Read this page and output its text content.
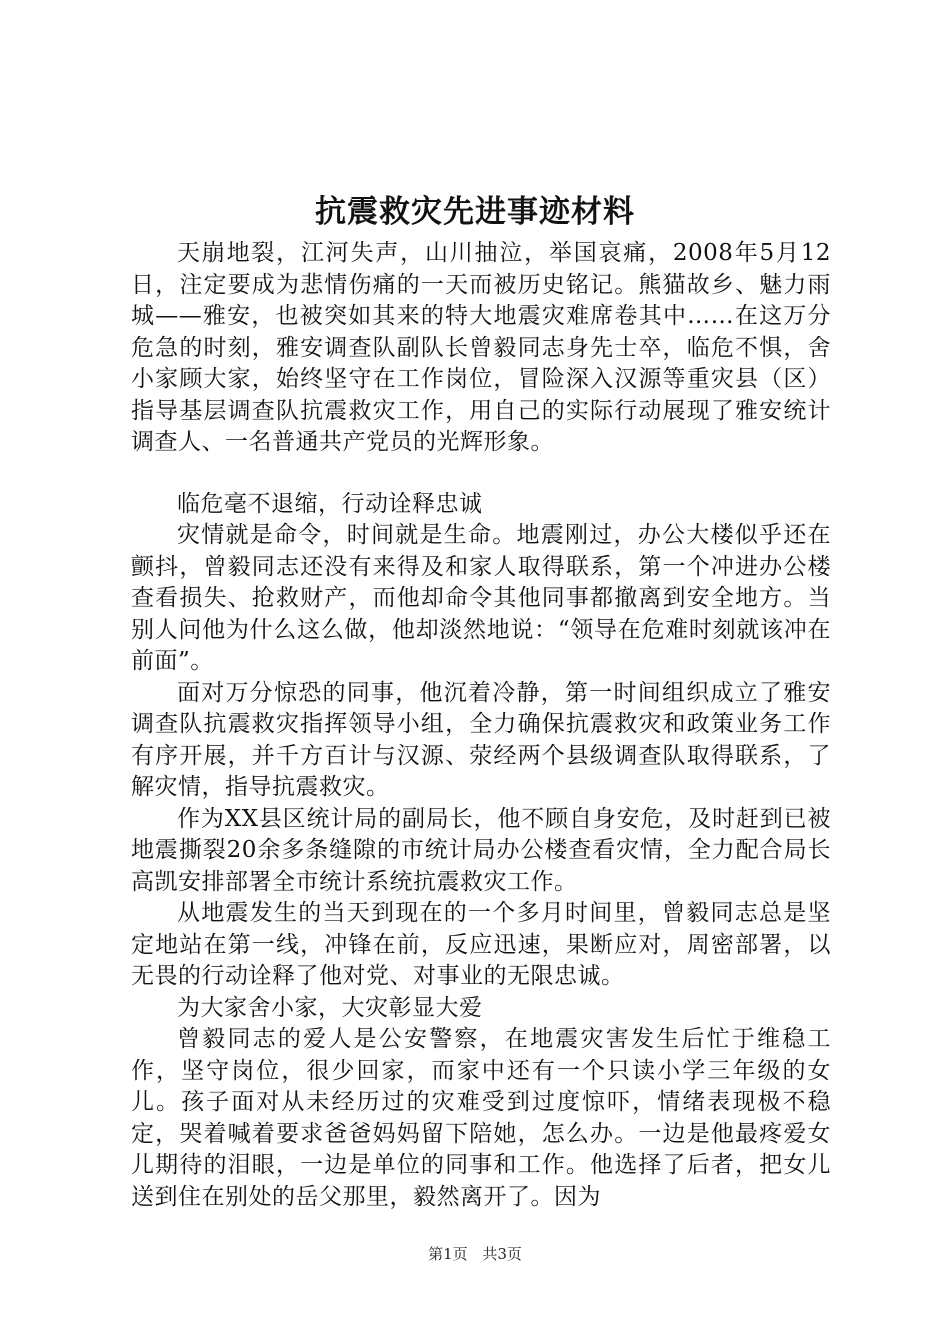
抗震救灾先进事迹材料

天崩地裂，江河失声，山川抽泣，举国哀痛，2008年5月12日，注定要成为悲情伤痛的一天而被历史铭记。熊猫故乡、魅力雨城——雅安，也被突如其来的特大地震灾难席卷其中……在这万分危急的时刻，雅安调查队副队长曾毅同志身先士卒，临危不惧，舍小家顾大家，始终坚守在工作岗位，冒险深入汉源等重灾县（区）指导基层调查队抗震救灾工作，用自己的实际行动展现了雅安统计调查人、一名普通共产党员的光辉形象。

临危毫不退缩，行动诠释忠诚

灾情就是命令，时间就是生命。地震刚过，办公大楼似乎还在颤抖，曾毅同志还没有来得及和家人取得联系，第一个冲进办公楼查看损失、抢救财产，而他却命令其他同事都撤离到安全地方。当别人问他为什么这么做，他却淡然地说：“领导在危难时刻就该冲在前面”。

面对万分惊恐的同事，他沉着冷静，第一时间组织成立了雅安调查队抗震救灾指挥领导小组，全力确保抗震救灾和政策业务工作有序开展，并千方百计与汉源、荥经两个县级调查队取得联系，了解灾情，指导抗震救灾。

作为XX县区统计局的副局长，他不顾自身安危，及时赶到已被地震撕裂20余多条缝隙的市统计局办公楼查看灾情，全力配合局长高凯安排部署全市统计系统抗震救灾工作。

从地震发生的当天到现在的一个多月时间里，曾毅同志总是坚定地站在第一线，冲锋在前，反应迅速，果断应对，周密部署，以无畏的行动诠释了他对党、对事业的无限忠诚。

为大家舍小家，大灾彰显大爱

曾毅同志的爱人是公安警察，在地震灾害发生后忙于维稳工作，坚守岗位，很少回家，而家中还有一个只读小学三年级的女儿。孩子面对从未经历过的灾难受到过度惊吓，情绪表现极不稳定，哭着喊着要求爸爸妈妈留下陪她，怎么办。一边是他最疼爱女儿期待的泪眼，一边是单位的同事和工作。他选择了后者，把女儿送到住在别处的岳父那里，毅然离开了。因为

第1页 共3页
